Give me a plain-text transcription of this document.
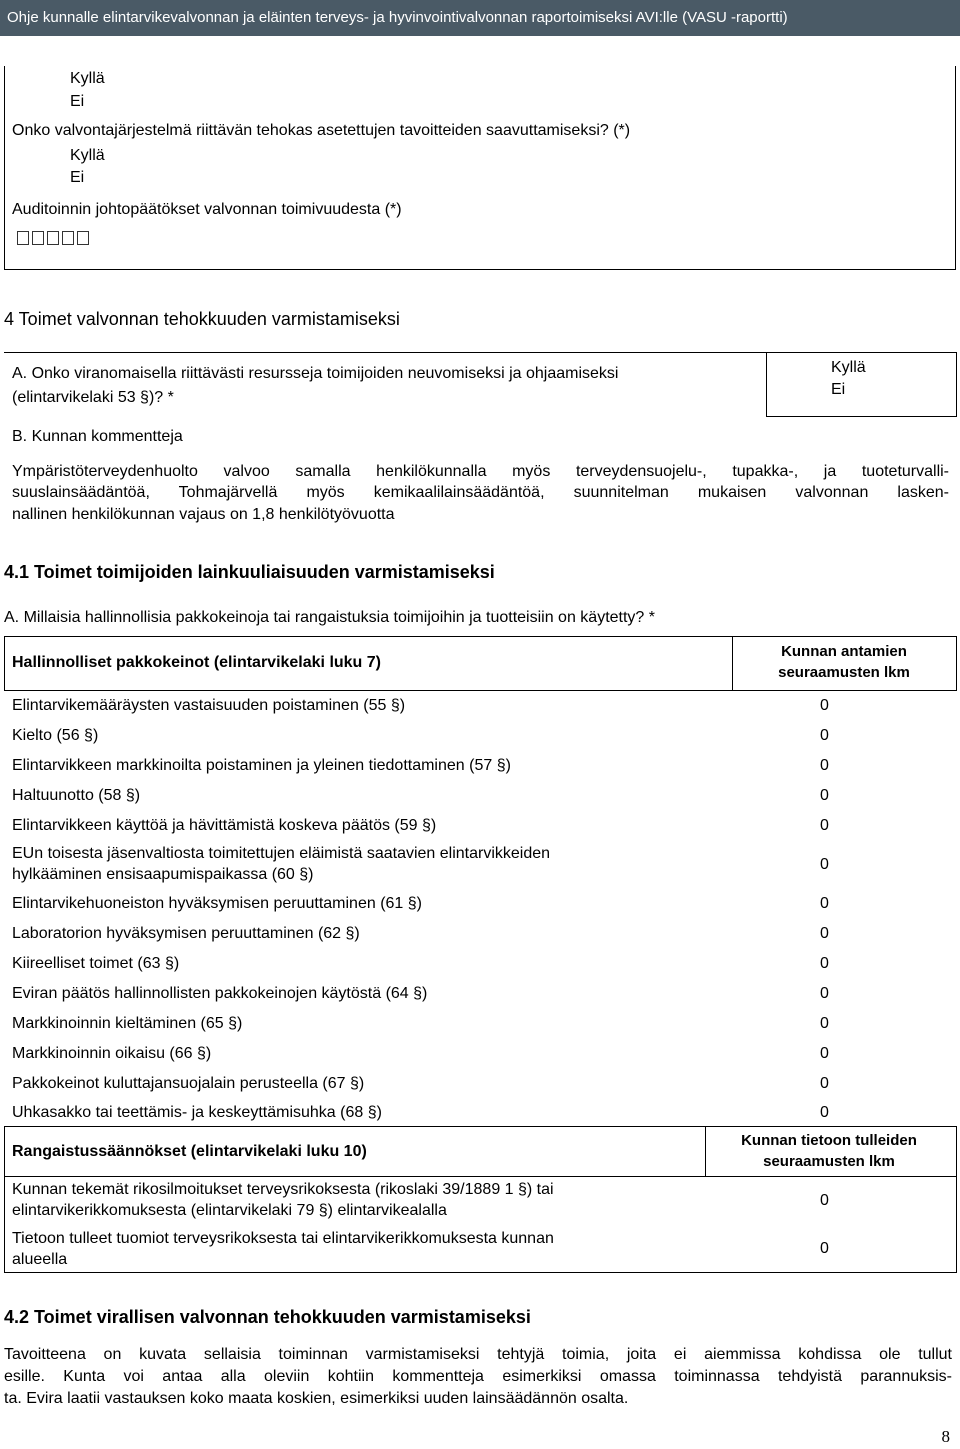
Ohje kunnalle elintarvikevalvonnan ja eläinten terveys- ja hyvinvointivalvonnan raportoimiseksi AVI:lle (VASU -raportti)
Kyllä
Ei
Onko valvontajärjestelmä riittävän tehokas asetettujen tavoitteiden saavuttamiseksi? (*)
Kyllä
Ei
Auditoinnin johtopäätökset valvonnan toimivuudesta (*)
4 Toimet valvonnan tehokkuuden varmistamiseksi
A. Onko viranomaisella riittävästi resursseja toimijoiden neuvomiseksi ja ohjaamiseksi
(elintarvikelaki 53 §)? *
Kyllä
Ei
B. Kunnan kommentteja
Ympäristöterveydenhuolto valvoo samalla henkilökunnalla myös terveydensuojelu-, tupakka-, ja tuoteturvalli-
suuslainsäädäntöä, Tohmajärvellä myös kemikaalilainsäädäntöä, suunnitelman mukaisen valvonnan lasken-
nallinen henkilökunnan vajaus on 1,8 henkilötyövuotta
4.1 Toimet toimijoiden lainkuuliaisuuden varmistamiseksi
A. Millaisia hallinnollisia pakkokeinoja tai rangaistuksia toimijoihin ja tuotteisiin on käytetty? *
Hallinnolliset pakkokeinot (elintarvikelaki luku 7)
Kunnan antamien
seuraamusten lkm
Elintarvikemääräysten vastaisuuden poistaminen (55 §)	0
Kielto (56 §)	0
Elintarvikkeen markkinoilta poistaminen ja yleinen tiedottaminen (57 §)	0
Haltuunotto (58 §)	0
Elintarvikkeen käyttöä ja hävittämistä koskeva päätös (59 §)	0
EUn toisesta jäsenvaltiosta toimitettujen eläimistä saatavien elintarvikkeiden
hylkääminen ensisaapumispaikassa (60 §)
0
Elintarvikehuoneiston hyväksymisen peruuttaminen (61 §)	0
Laboratorion hyväksymisen peruuttaminen (62 §)	0
Kiireelliset toimet (63 §)	0
Eviran päätös hallinnollisten pakkokeinojen käytöstä (64 §)	0
Markkinoinnin kieltäminen (65 §)	0
Markkinoinnin oikaisu (66 §)	0
Pakkokeinot kuluttajansuojalain perusteella (67 §)	0
Uhkasakko tai teettämis- ja keskeyttämisuhka (68 §)	0
Rangaistussäännökset (elintarvikelaki luku 10)
Kunnan tietoon tulleiden
seuraamusten lkm
Kunnan tekemät rikosilmoitukset terveysrikoksesta (rikoslaki 39/1889 1 §) tai
elintarvikerikkomuksesta (elintarvikelaki 79 §) elintarvikealalla
0
Tietoon tulleet tuomiot terveysrikoksesta tai elintarvikerikkomuksesta kunnan
alueella
0
4.2 Toimet virallisen valvonnan tehokkuuden varmistamiseksi
Tavoitteena on kuvata sellaisia toiminnan varmistamiseksi tehtyjä toimia, joita ei aiemmissa kohdissa ole tullut
esille. Kunta voi antaa alla oleviin kohtiin kommentteja esimerkiksi omassa toiminnassa tehdyistä parannuksis-
ta. Evira laatii vastauksen koko maata koskien, esimerkiksi uuden lainsäädännön osalta.
8
